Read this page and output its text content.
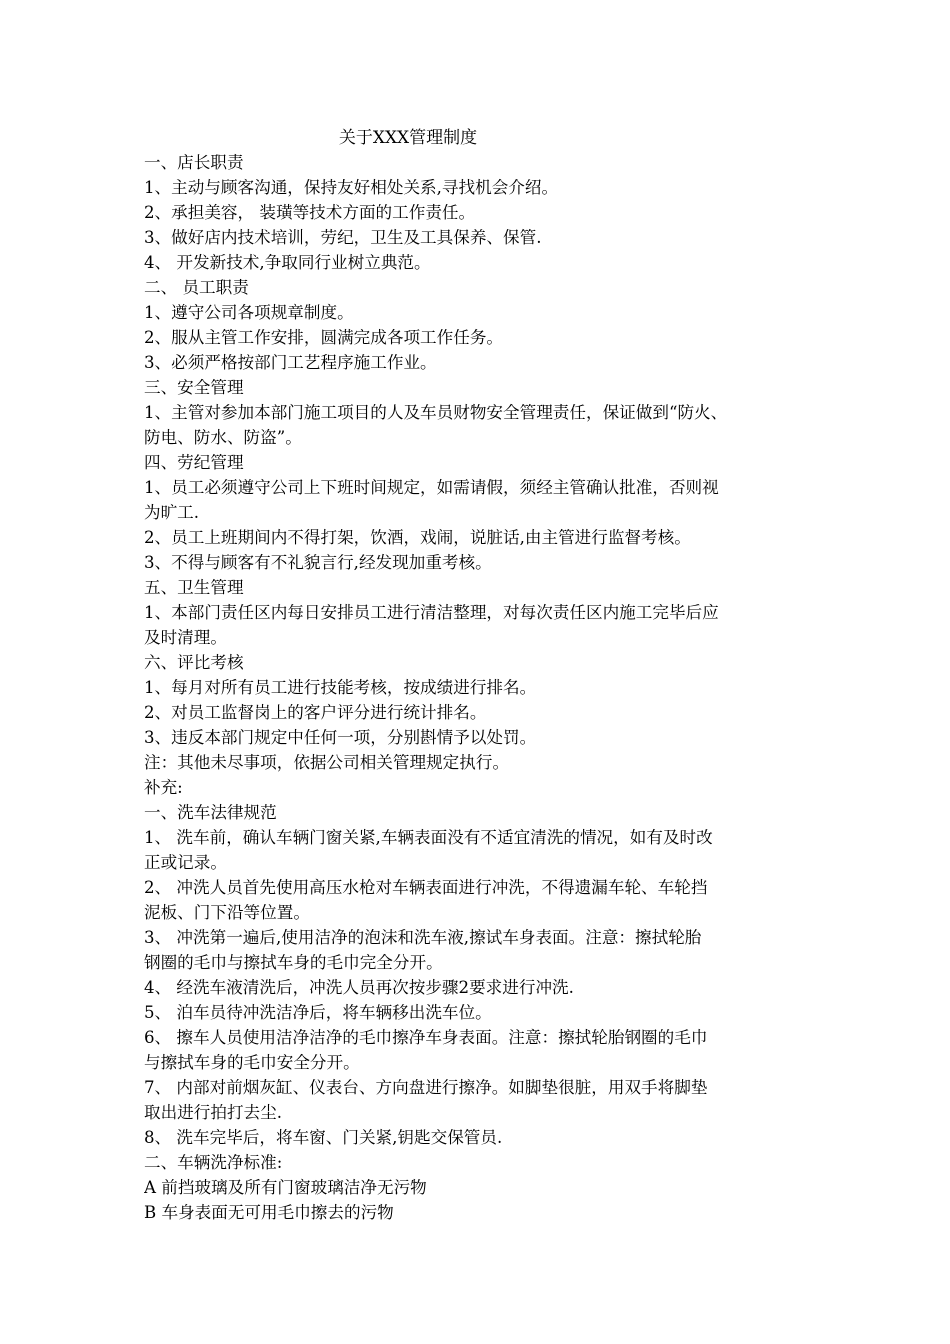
关于XXX管理制度

一、店长职责

1、主动与顾客沟通，保持友好相处关系,寻找机会介绍。

2、承担美容， 装璜等技术方面的工作责任。

3、做好店内技术培训，劳纪，卫生及工具保养、保管.

4、 开发新技术,争取同行业树立典范。

二、 员工职责

1、遵守公司各项规章制度。

2、服从主管工作安排，圆满完成各项工作任务。

3、必须严格按部门工艺程序施工作业。

三、安全管理

1、主管对参加本部门施工项目的人及车员财物安全管理责任，保证做到“防火、

防电、防水、防盗”。

四、劳纪管理

1、员工必须遵守公司上下班时间规定，如需请假，须经主管确认批准，否则视

为旷工.

2、员工上班期间内不得打架，饮酒，戏闹，说脏话,由主管进行监督考核。

3、不得与顾客有不礼貌言行,经发现加重考核。

五、卫生管理

1、本部门责任区内每日安排员工进行清洁整理，对每次责任区内施工完毕后应

及时清理。

六、评比考核

1、每月对所有员工进行技能考核，按成绩进行排名。

2、对员工监督岗上的客户评分进行统计排名。

3、违反本部门规定中任何一项，分别斟情予以处罚。

注：其他未尽事项，依据公司相关管理规定执行。

补充:

一、洗车法律规范

1、 洗车前，确认车辆门窗关紧,车辆表面没有不适宜清洗的情况，如有及时改

正或记录。

2、 冲洗人员首先使用高压水枪对车辆表面进行冲洗，不得遗漏车轮、车轮挡

泥板、门下沿等位置。

3、 冲洗第一遍后,使用洁净的泡沫和洗车液,擦试车身表面。注意：擦拭轮胎

钢圈的毛巾与擦拭车身的毛巾完全分开。

4、 经洗车液清洗后，冲洗人员再次按步骤2要求进行冲洗.

5、 泊车员待冲洗洁净后，将车辆移出洗车位。

6、 擦车人员使用洁净洁净的毛巾擦净车身表面。注意：擦拭轮胎钢圈的毛巾

与擦拭车身的毛巾安全分开。

7、 内部对前烟灰缸、仪表台、方向盘进行擦净。如脚垫很脏，用双手将脚垫

取出进行拍打去尘.

8、 洗车完毕后，将车窗、门关紧,钥匙交保管员.

二、车辆洗净标准:

A 前挡玻璃及所有门窗玻璃洁净无污物

B 车身表面无可用毛巾擦去的污物
